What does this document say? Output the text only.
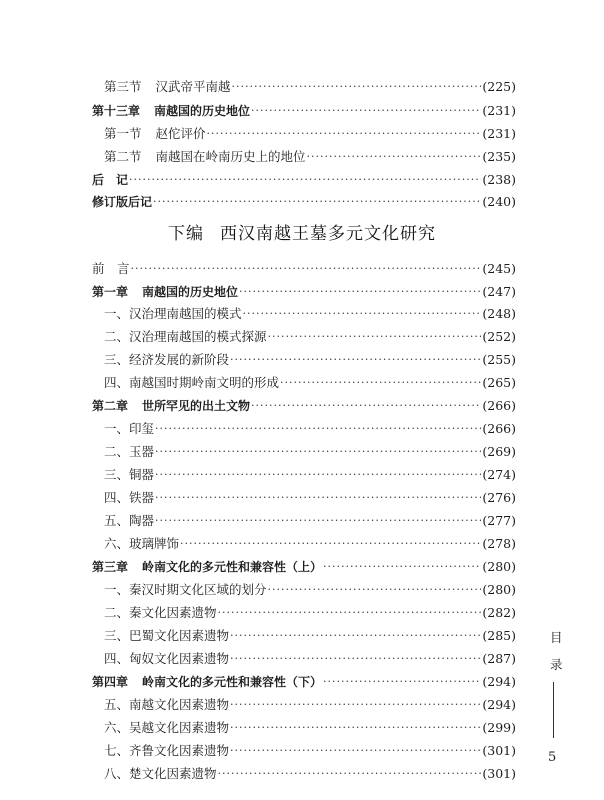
第三节 汉武帝平南越 ·····	( 225 )
第十三章 南越国的历史地位 ·····	( 231 )
第一节 赵佗评价 ·····	( 231 )
第二节 南越国在岭南历史上的地位 ·····	( 235 )
后　记 ·····	( 238 )
修订版后记 ·····	( 240 )
下编 西汉南越王墓多元文化研究
前　言 ·····	( 245 )
第一章 南越国的历史地位 ·····	( 247 )
一、汉治理南越国的模式 ·····	( 248 )
二、汉治理南越国的模式探源 ·····	( 252 )
三、经济发展的新阶段 ·····	( 255 )
四、南越国时期岭南文明的形成 ·····	( 265 )
第二章 世所罕见的出土文物 ·····	( 266 )
一、印玺 ·····	( 266 )
二、玉器 ·····	( 269 )
三、铜器 ·····	( 274 )
四、铁器 ·····	( 276 )
五、陶器 ·····	( 277 )
六、玻璃牌饰 ·····	( 278 )
第三章 岭南文化的多元性和兼容性（上） ·····	( 280 )
一、秦汉时期文化区域的划分 ·····	( 280 )
二、秦文化因素遗物 ·····	( 282 )
三、巴蜀文化因素遗物 ·····	( 285 )
四、匈奴文化因素遗物 ·····	( 287 )
第四章 岭南文化的多元性和兼容性（下） ·····	( 294 )
五、南越文化因素遗物 ·····	( 294 )
六、吴越文化因素遗物 ·····	( 299 )
七、齐鲁文化因素遗物 ·····	( 301 )
八、楚文化因素遗物 ·····	( 301 )
目
录
5
